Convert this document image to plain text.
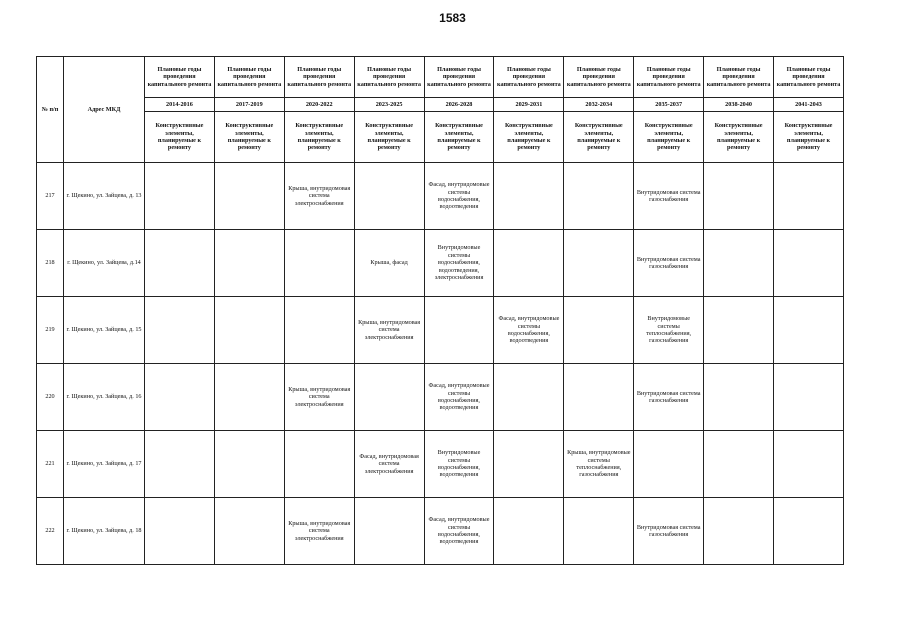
1583
№ п/п	Адрес МКД	Плановые годы проведения капитального ремонта	Плановые годы проведения капитального ремонта	Плановые годы проведения капитального ремонта	Плановые годы проведения капитального ремонта	Плановые годы проведения капитального ремонта	Плановые годы проведения капитального ремонта	Плановые годы проведения капитального ремонта	Плановые годы проведения капитального ремонта	Плановые годы проведения капитального ремонта	Плановые годы проведения капитального ремонта
		2014-2016	2017-2019	2020-2022	2023-2025	2026-2028	2029-2031	2032-2034	2035-2037	2038-2040	2041-2043
		Конструктивные элементы, планируемые к ремонту	Конструктивные элементы, планируемые к ремонту	Конструктивные элементы, планируемые к ремонту	Конструктивные элементы, планируемые к ремонту	Конструктивные элементы, планируемые к ремонту	Конструктивные элементы, планируемые к ремонту	Конструктивные элементы, планируемые к ремонту	Конструктивные элементы, планируемые к ремонту	Конструктивные элементы, планируемые к ремонту	Конструктивные элементы, планируемые к ремонту
217	г. Щекино, ул. Зайцева, д. 13			Крыша, внутридомовая система электроснабжения		Фасад, внутридомовые системы водоснабжения, водоотведения			Внутридомовая система газоснабжения		
218	г. Щекино, ул. Зайцева, д.14				Крыша, фасад	Внутридомовые системы водоснабжения, водоотведения, электроснабжения			Внутридомовая система газоснабжения		
219	г. Щекино, ул. Зайцева, д. 15				Крыша, внутридомовая система электроснабжения		Фасад, внутридомовые системы водоснабжения, водоотведения		Внутридомовые системы теплоснабжения, газоснабжения		
220	г. Щекино, ул. Зайцева, д. 16			Крыша, внутридомовая система электроснабжения		Фасад, внутридомовые системы водоснабжения, водоотведения			Внутридомовая система газоснабжения		
221	г. Щекино, ул. Зайцева, д. 17				Фасад, внутридомовая система электроснабжения	Внутридомовые системы водоснабжения, водоотведения		Крыша, внутридомовые системы теплоснабжения, газоснабжения			
222	г. Щекино, ул. Зайцева, д. 18			Крыша, внутридомовая система электроснабжения		Фасад, внутридомовые системы водоснабжения, водоотведения			Внутридомовая система газоснабжения		
